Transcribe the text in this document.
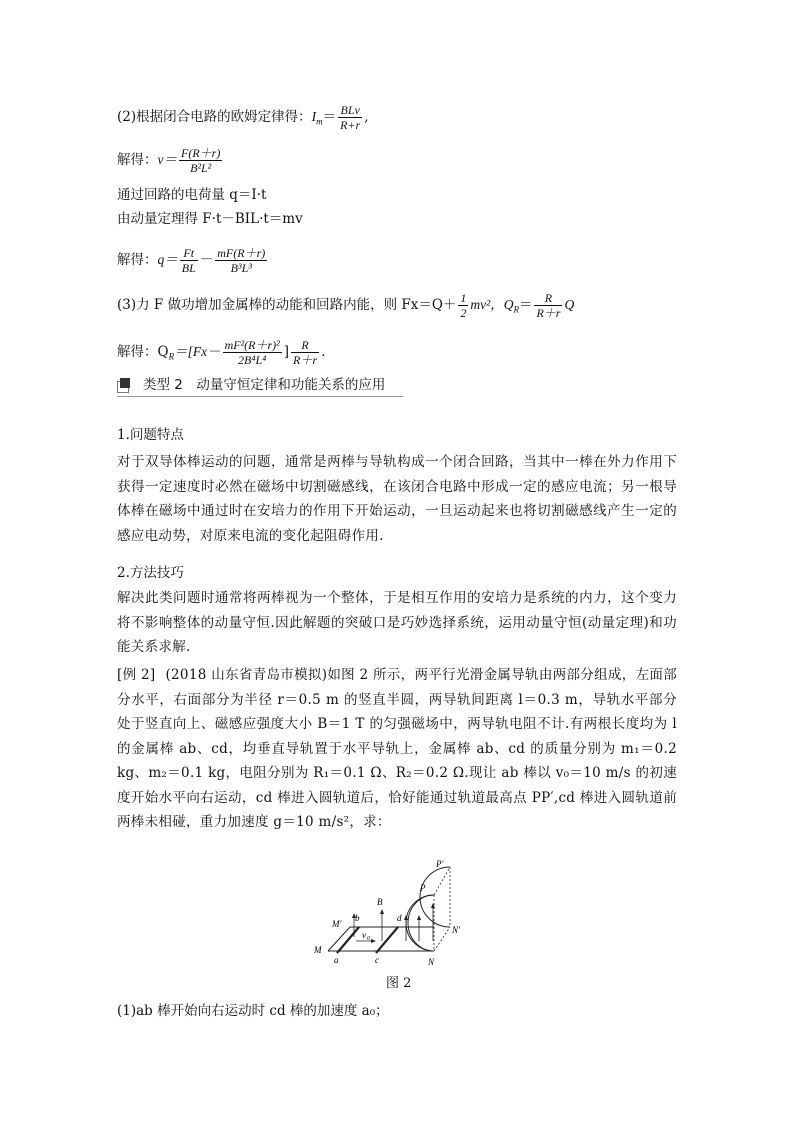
(2)根据闭合电路的欧姆定律得：$I_m= \frac{\text{BLv}}{R+r}$ ,
解得：$v= \frac{F(R+r)}{\text{B²L²}}$
通过回路的电荷量 q＝I·t
由动量定理得 F·t－BIL·t＝mv
解得：$q= \frac{Ft}{BL} - \frac{mF(R+r)}{\text{B³L³}}$
(3)力 F 做功增加金属棒的动能和回路内能，则 $Fx=Q+ \frac{1}{2} mv^2$，$Q_R= \frac{R}{R+r}$ Q
解得：$Q_R=[Fx- \frac{\text{mF²(R＋r)²}}{\text{2B⁴L⁴}}$ ] $\frac{R}{R+r}$ .
类型 2　动量守恒定律和功能关系的应用
1.问题特点
对于双导体棒运动的问题，通常是两棒与导轨构成一个闭合回路，当其中一棒在外力作用下获得一定速度时必然在磁场中切割磁感线，在该闭合电路中形成一定的感应电流；另一根导体棒在磁场中通过时在安培力的作用下开始运动，一旦运动起来也将切割磁感线产生一定的感应电动势，对原来电流的变化起阻碍作用.
2.方法技巧
解决此类问题时通常将两棒视为一个整体，于是相互作用的安培力是系统的内力，这个变力将不影响整体的动量守恒.因此解题的突破口是巧妙选择系统，运用动量守恒(动量定理)和功能关系求解.
[例 2] (2018 山东省青岛市模拟)如图 2 所示，两平行光滑金属导轨由两部分组成，左面部分水平，右面部分为半径 r＝0.5 m 的竖直半圆，两导轨间距离 l＝0.3 m，导轨水平部分处于竖直向上、磁感应强度大小 B＝1 T 的匀强磁场中，两导轨电阻不计.有两根长度均为 l 的金属棒 ab、cd，均垂直导轨置于水平导轨上，金属棒 ab、cd 的质量分别为 m₁＝0.2 kg、m₂＝0.1 kg，电阻分别为 R₁＝0.1 Ω、R₂＝0.2 Ω.现让 ab 棒以 v₀＝10 m/s 的初速度开始水平向右运动，cd 棒进入圆轨道后，恰好能通过轨道最高点 PP′,cd 棒进入圆轨道前两棒未相碰，重力加速度 g＝10 m/s²，求：
P′
P
B
M′
b	d
N′
v 0
M
a	c	N
图 2
(1)ab 棒开始向右运动时 cd 棒的加速度 a₀；
